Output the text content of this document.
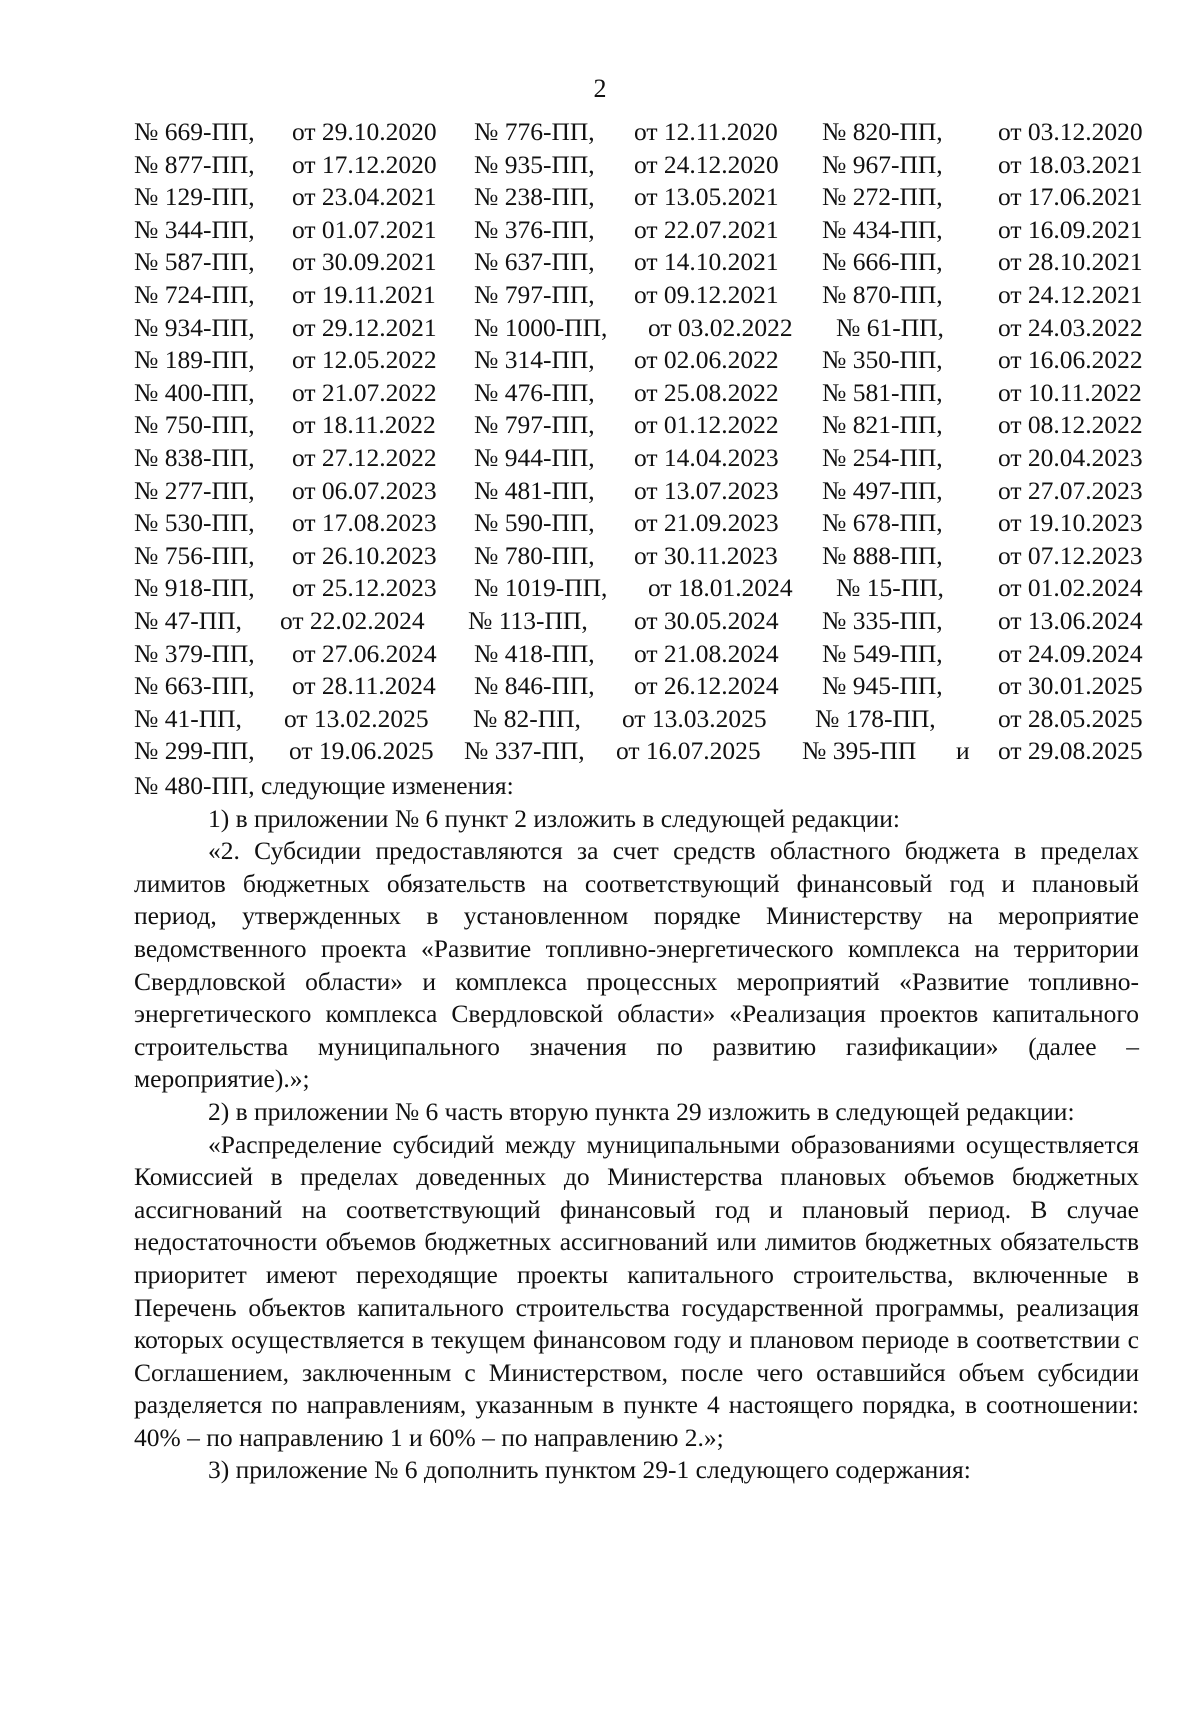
2
№ 669-ПП, от 29.10.2020 № 776-ПП, от 12.11.2020 № 820-ПП, от 03.12.2020
№ 877-ПП, от 17.12.2020 № 935-ПП, от 24.12.2020 № 967-ПП, от 18.03.2021
№ 129-ПП, от 23.04.2021 № 238-ПП, от 13.05.2021 № 272-ПП, от 17.06.2021
№ 344-ПП, от 01.07.2021 № 376-ПП, от 22.07.2021 № 434-ПП, от 16.09.2021
№ 587-ПП, от 30.09.2021 № 637-ПП, от 14.10.2021 № 666-ПП, от 28.10.2021
№ 724-ПП, от 19.11.2021 № 797-ПП, от 09.12.2021 № 870-ПП, от 24.12.2021
№ 934-ПП, от 29.12.2021 № 1000-ПП, от 03.02.2022 № 61-ПП, от 24.03.2022
№ 189-ПП, от 12.05.2022 № 314-ПП, от 02.06.2022 № 350-ПП, от 16.06.2022
№ 400-ПП, от 21.07.2022 № 476-ПП, от 25.08.2022 № 581-ПП, от 10.11.2022
№ 750-ПП, от 18.11.2022 № 797-ПП, от 01.12.2022 № 821-ПП, от 08.12.2022
№ 838-ПП, от 27.12.2022 № 944-ПП, от 14.04.2023 № 254-ПП, от 20.04.2023
№ 277-ПП, от 06.07.2023 № 481-ПП, от 13.07.2023 № 497-ПП, от 27.07.2023
№ 530-ПП, от 17.08.2023 № 590-ПП, от 21.09.2023 № 678-ПП, от 19.10.2023
№ 756-ПП, от 26.10.2023 № 780-ПП, от 30.11.2023 № 888-ПП, от 07.12.2023
№ 918-ПП, от 25.12.2023 № 1019-ПП, от 18.01.2024 № 15-ПП, от 01.02.2024
№ 47-ПП, от 22.02.2024 № 113-ПП, от 30.05.2024 № 335-ПП, от 13.06.2024
№ 379-ПП, от 27.06.2024 № 418-ПП, от 21.08.2024 № 549-ПП, от 24.09.2024
№ 663-ПП, от 28.11.2024 № 846-ПП, от 26.12.2024 № 945-ПП, от 30.01.2025
№ 41-ПП, от 13.02.2025 № 82-ПП, от 13.03.2025 № 178-ПП, от 28.05.2025
№ 299-ПП, от 19.06.2025 № 337-ПП, от 16.07.2025 № 395-ПП и от 29.08.2025

№ 480-ПП, следующие изменения:

1) в приложении № 6 пункт 2 изложить в следующей редакции:

«2. Субсидии предоставляются за счет средств областного бюджета в пределах лимитов бюджетных обязательств на соответствующий финансовый год и плановый период, утвержденных в установленном порядке Министерству на мероприятие ведомственного проекта «Развитие топливно-энергетического комплекса на территории Свердловской области» и комплекса процессных мероприятий «Развитие топливно-энергетического комплекса Свердловской области» «Реализация проектов капитального строительства муниципального значения по развитию газификации» (далее – мероприятие).»;

2) в приложении № 6 часть вторую пункта 29 изложить в следующей редакции:

«Распределение субсидий между муниципальными образованиями осуществляется Комиссией в пределах доведенных до Министерства плановых объемов бюджетных ассигнований на соответствующий финансовый год и плановый период. В случае недостаточности объемов бюджетных ассигнований или лимитов бюджетных обязательств приоритет имеют переходящие проекты капитального строительства, включенные в Перечень объектов капитального строительства государственной программы, реализация которых осуществляется в текущем финансовом году и плановом периоде в соответствии с Соглашением, заключенным с Министерством, после чего оставшийся объем субсидии разделяется по направлениям, указанным в пункте 4 настоящего порядка, в соотношении: 40% – по направлению 1 и 60% – по направлению 2.»;

3) приложение № 6 дополнить пунктом 29-1 следующего содержания:
